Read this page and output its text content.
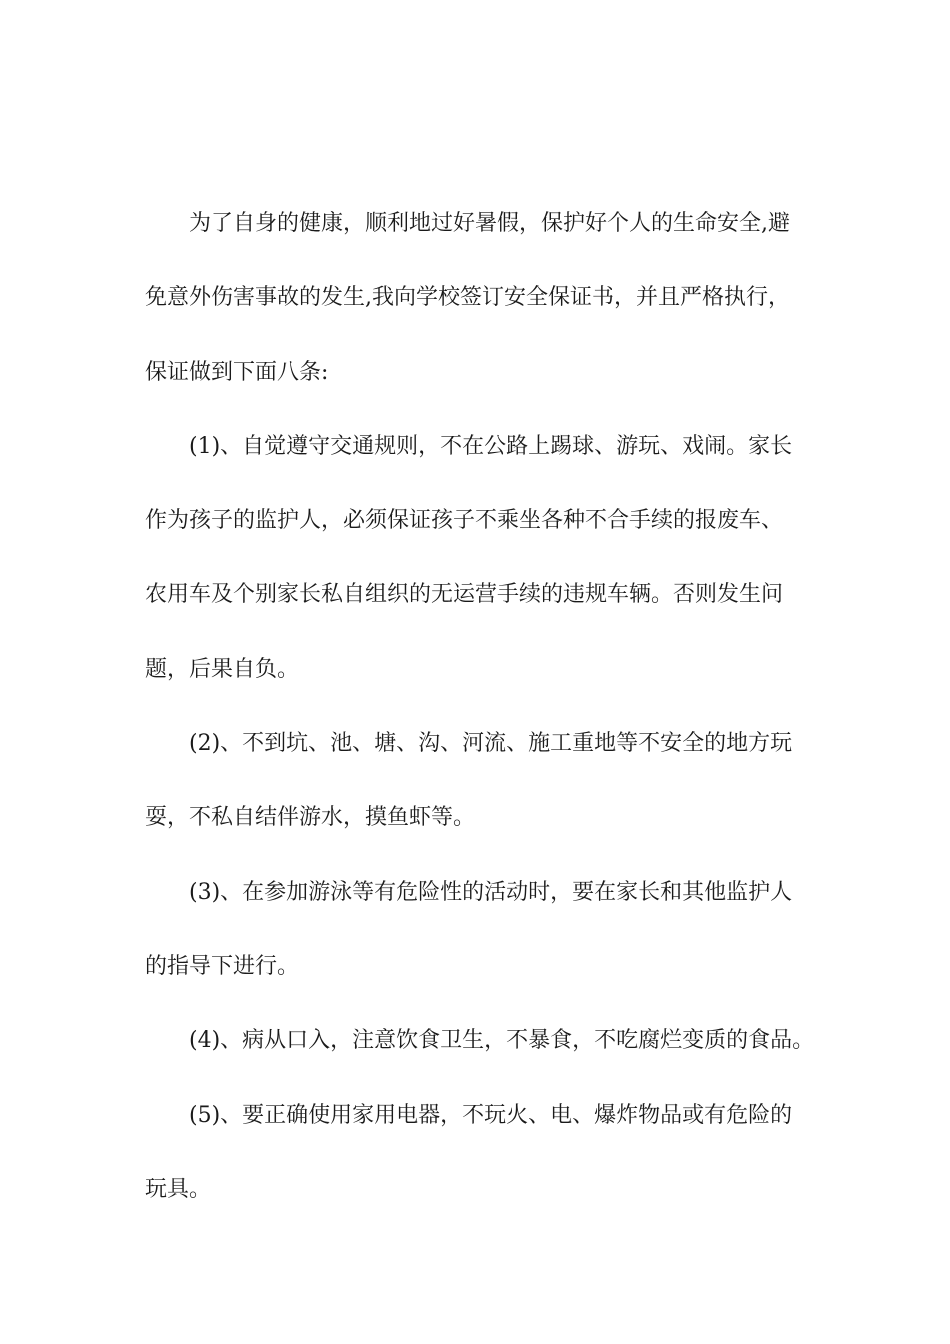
为了自身的健康，顺利地过好暑假，保护好个人的生命安全,避
免意外伤害事故的发生,我向学校签订安全保证书，并且严格执行，
保证做到下面八条:
(1)、自觉遵守交通规则，不在公路上踢球、游玩、戏闹。家长
作为孩子的监护人，必须保证孩子不乘坐各种不合手续的报废车、
农用车及个别家长私自组织的无运营手续的违规车辆。否则发生问
题，后果自负。
(2)、不到坑、池、塘、沟、河流、施工重地等不安全的地方玩
耍，不私自结伴游水，摸鱼虾等。
(3)、在参加游泳等有危险性的活动时，要在家长和其他监护人
的指导下进行。
(4)、病从口入，注意饮食卫生，不暴食，不吃腐烂变质的食品。
(5)、要正确使用家用电器，不玩火、电、爆炸物品或有危险的
玩具。
